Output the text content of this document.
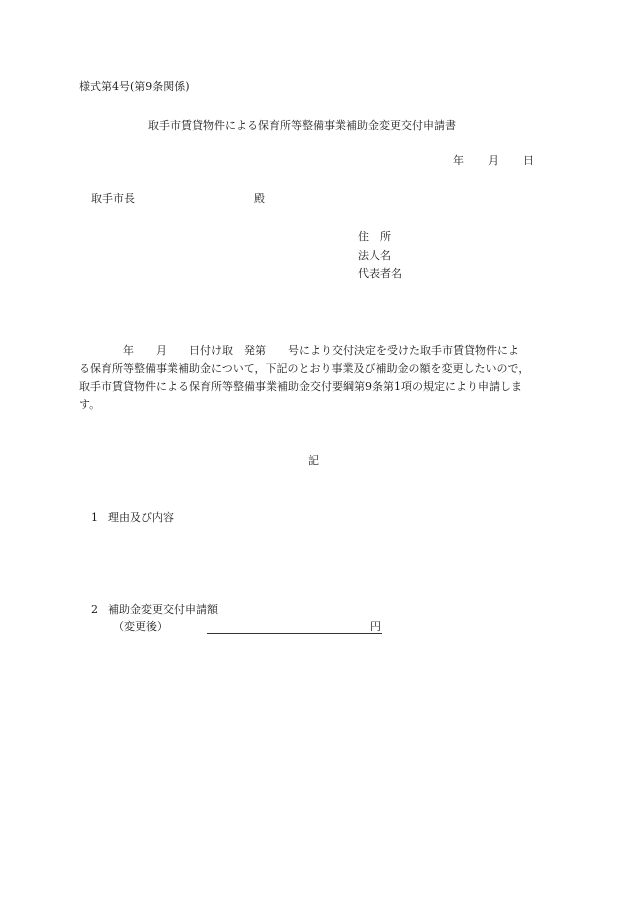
様式第4号(第9条関係)
取手市賃貸物件による保育所等整備事業補助金変更交付申請書
年 月 日
取手市長	殿
住　所
法人名
代表者名
　　　　年　　月　　日付け取　発第　　号により交付決定を受けた取手市賃貸物件によ
る保育所等整備事業補助金について，下記のとおり事業及び補助金の額を変更したいので，
取手市賃貸物件による保育所等整備事業補助金交付要綱第9条第1項の規定により申請しま
す。
記
1 理由及び内容
2 補助金変更交付申請額
（変更後）	円
